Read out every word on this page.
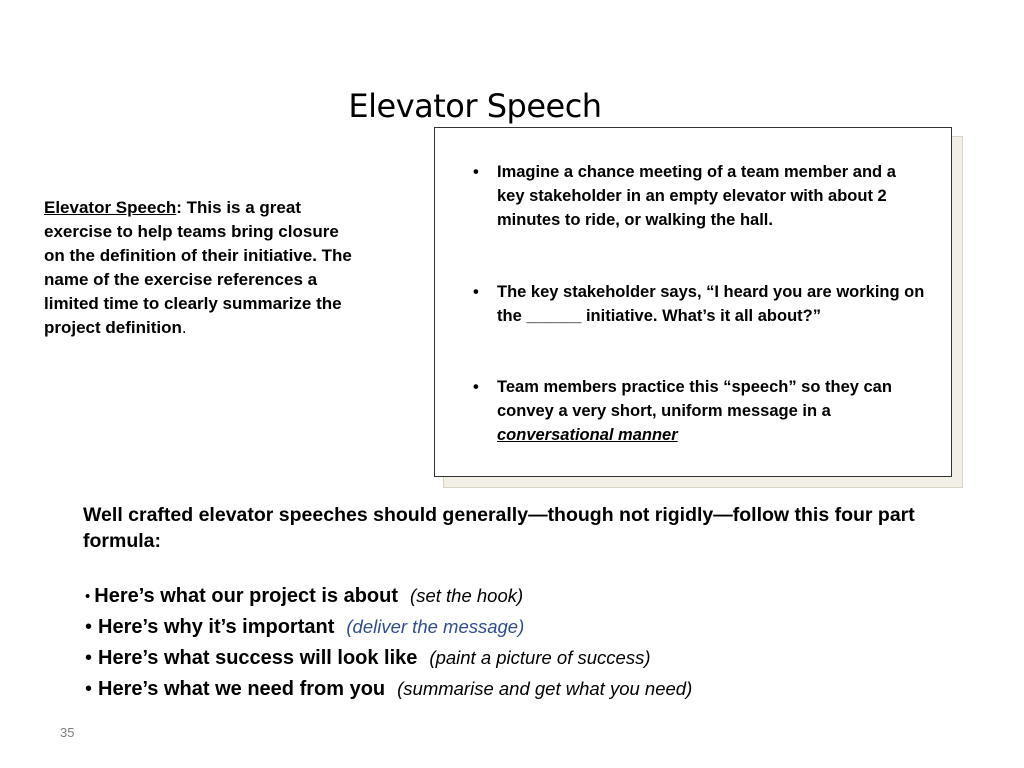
Elevator Speech
Elevator Speech: This is a great exercise to help teams bring closure on the definition of their initiative. The name of the exercise references a limited time to clearly summarize the project definition.
• Imagine a chance meeting of a team member and a key stakeholder in an empty elevator with about 2 minutes to ride, or walking the hall.
• The key stakeholder says, “I heard you are working on the ______ initiative. What’s it all about?”
• Team members practice this “speech” so they can convey a very short, uniform message in a conversational manner
Well crafted elevator speeches should generally—though not rigidly—follow this four part formula:
• Here’s what our project is about (set the hook)
• Here’s why it’s important (deliver the message)
• Here’s what success will look like (paint a picture of success)
• Here’s what we need from you (summarise and get what you need)
35
